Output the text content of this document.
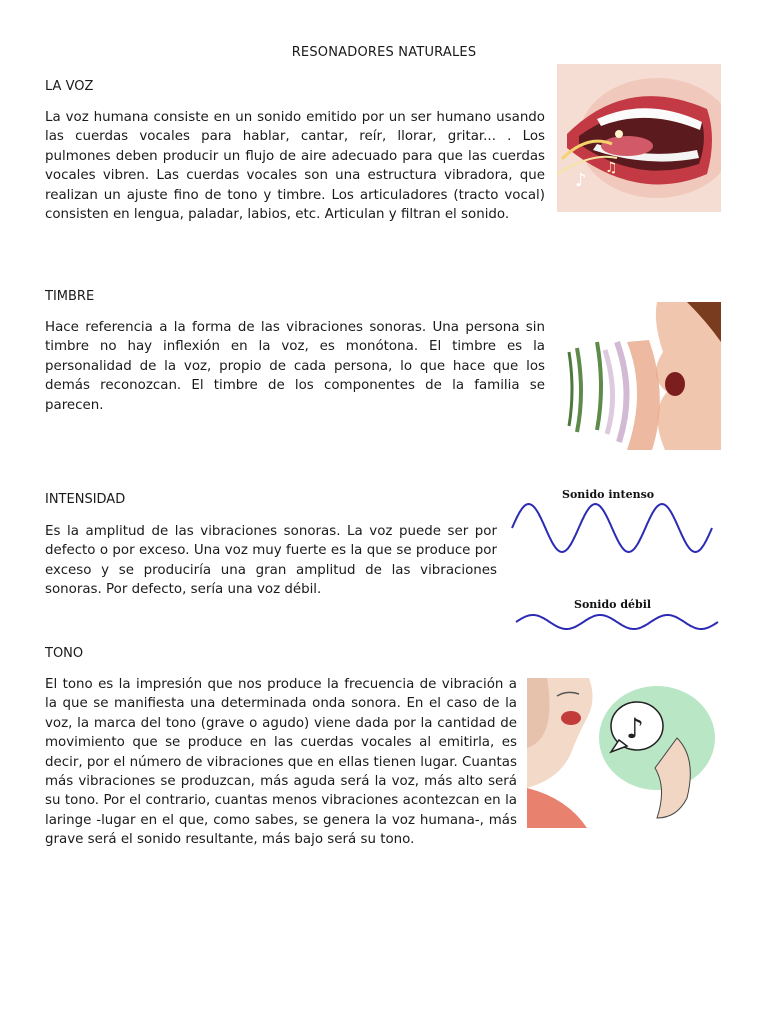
RESONADORES NATURALES
LA VOZ

La voz humana consiste en un sonido emitido por un ser humano usando las cuerdas vocales para hablar, cantar, reír, llorar, gritar... . Los pulmones deben producir un flujo de aire adecuado para que las cuerdas vocales vibren. Las cuerdas vocales son una estructura vibradora, que realizan un ajuste fino de tono y timbre. Los articuladores (tracto vocal) consisten en lengua, paladar, labios, etc. Articulan y filtran el sonido.

♪
♫
TIMBRE

Hace referencia a la forma de las vibraciones sonoras. Una persona sin timbre no hay inflexión en la voz, es monótona. El timbre es la personalidad de la voz, propio de cada persona, lo que hace que los demás reconozcan. El timbre de los componentes de la familia se parecen.

INTENSIDAD

Es la amplitud de las vibraciones sonoras. La voz puede ser por defecto o por exceso. Una voz muy fuerte es la que se produce por exceso y se produciría una gran amplitud de las vibraciones sonoras. Por defecto, sería una voz débil.

Sonido intenso
Sonido débil
TONO

El tono es la impresión que nos produce la frecuencia de vibración a la que se manifiesta una determinada onda sonora. En el caso de la voz, la marca del tono (grave o agudo) viene dada por la cantidad de movimiento que se produce en las cuerdas vocales al emitirla, es decir, por el número de vibraciones que en ellas tienen lugar. Cuantas más vibraciones se produzcan, más aguda será la voz, más alto será su tono. Por el contrario, cuantas menos vibraciones acontezcan en la laringe -lugar en el que, como sabes, se genera la voz humana-, más grave será el sonido resultante, más bajo será su tono.

♪
